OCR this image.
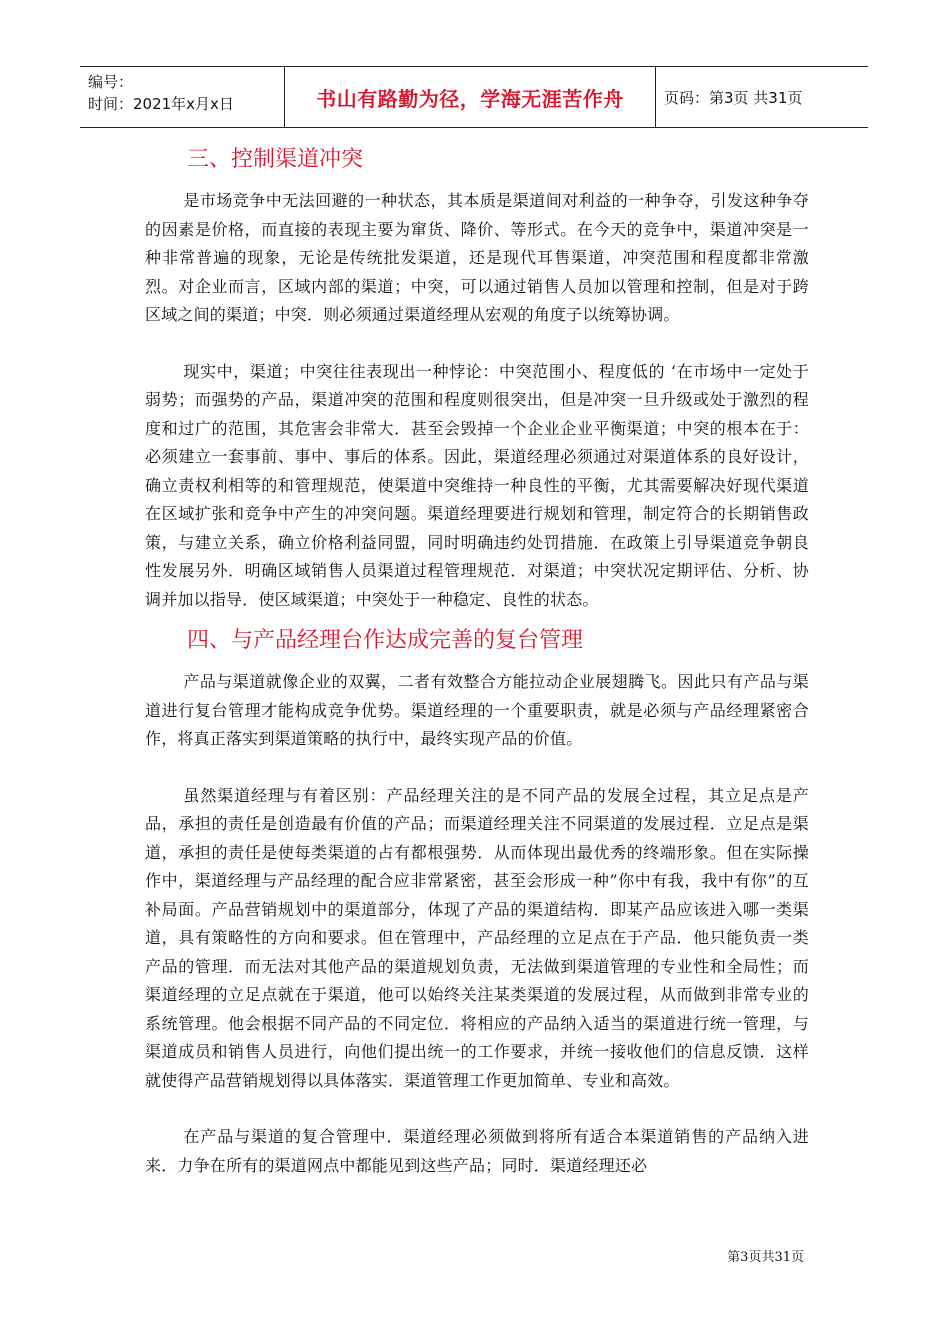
编号：
时间：2021年x月x日	书山有路勤为径，学海无涯苦作舟	页码：第3页 共31页
三、控制渠道冲突

是市场竞争中无法回避的一种状态，其本质是渠道间对利益的一种争夺，引发这种争夺的因素是价格，而直接的表现主要为窜货、降价、等形式。在今天的竞争中，渠道冲突是一种非常普遍的现象，无论是传统批发渠道，还是现代耳售渠道，冲突范围和程度都非常激烈。对企业而言，区域内部的渠道；中突，可以通过销售人员加以管理和控制，但是对于跨区域之间的渠道；中突．则必须通过渠道经理从宏观的角度子以统筹协调。

现实中，渠道；中突往往表现出一种悖论：中突范围小、程度低的 ‘在市场中一定处于弱势；而强势的产品，渠道冲突的范围和程度则很突出，但是冲突一旦升级或处于激烈的程度和过广的范围，其危害会非常大．甚至会毁掉一个企业企业平衡渠道；中突的根本在于：必须建立一套事前、事中、事后的体系。因此，渠道经理必须通过对渠道体系的良好设计，确立责权利相等的和管理规范，使渠道中突维持一种良性的平衡，尤其需要解决好现代渠道在区域扩张和竞争中产生的冲突问题。渠道经理要进行规划和管理，制定符合的长期销售政策，与建立关系，确立价格利益同盟，同时明确违约处罚措施．在政策上引导渠道竞争朝良性发展另外．明确区域销售人员渠道过程管理规范．对渠道；中突状况定期评估、分析、协调并加以指导．使区域渠道；中突处于一种稳定、良性的状态。

四、与产品经理台作达成完善的复台管理

产品与渠道就像企业的双翼，二者有效整合方能拉动企业展翅腾飞。因此只有产品与渠道进行复台管理才能构成竞争优势。渠道经理的一个重要职责，就是必须与产品经理紧密合作，将真正落实到渠道策略的执行中，最终实现产品的价值。

虽然渠道经理与有着区别：产品经理关注的是不同产品的发展全过程，其立足点是产品，承担的责任是创造最有价值的产品；而渠道经理关注不同渠道的发展过程．立足点是渠道，承担的责任是使每类渠道的占有都根强势．从而体现出最优秀的终端形象。但在实际操作中，渠道经理与产品经理的配合应非常紧密，甚至会形成一种”你中有我，我中有你”的互补局面。产品营销规划中的渠道部分，体现了产品的渠道结构．即某产品应该进入哪一类渠道，具有策略性的方向和要求。但在管理中，产品经理的立足点在于产品．他只能负责一类产品的管理．而无法对其他产品的渠道规划负责，无法做到渠道管理的专业性和全局性；而渠道经理的立足点就在于渠道，他可以始终关注某类渠道的发展过程，从而做到非常专业的系统管理。他会根据不同产品的不同定位．将相应的产品纳入适当的渠道进行统一管理，与渠道成员和销售人员进行，向他们提出统一的工作要求，并统一接收他们的信息反馈．这样就使得产品营销规划得以具体落实．渠道管理工作更加简单、专业和高效。

在产品与渠道的复合管理中．渠道经理必须做到将所有适合本渠道销售的产品纳入进来．力争在所有的渠道网点中都能见到这些产品；同时．渠道经理还必

第3页共31页
